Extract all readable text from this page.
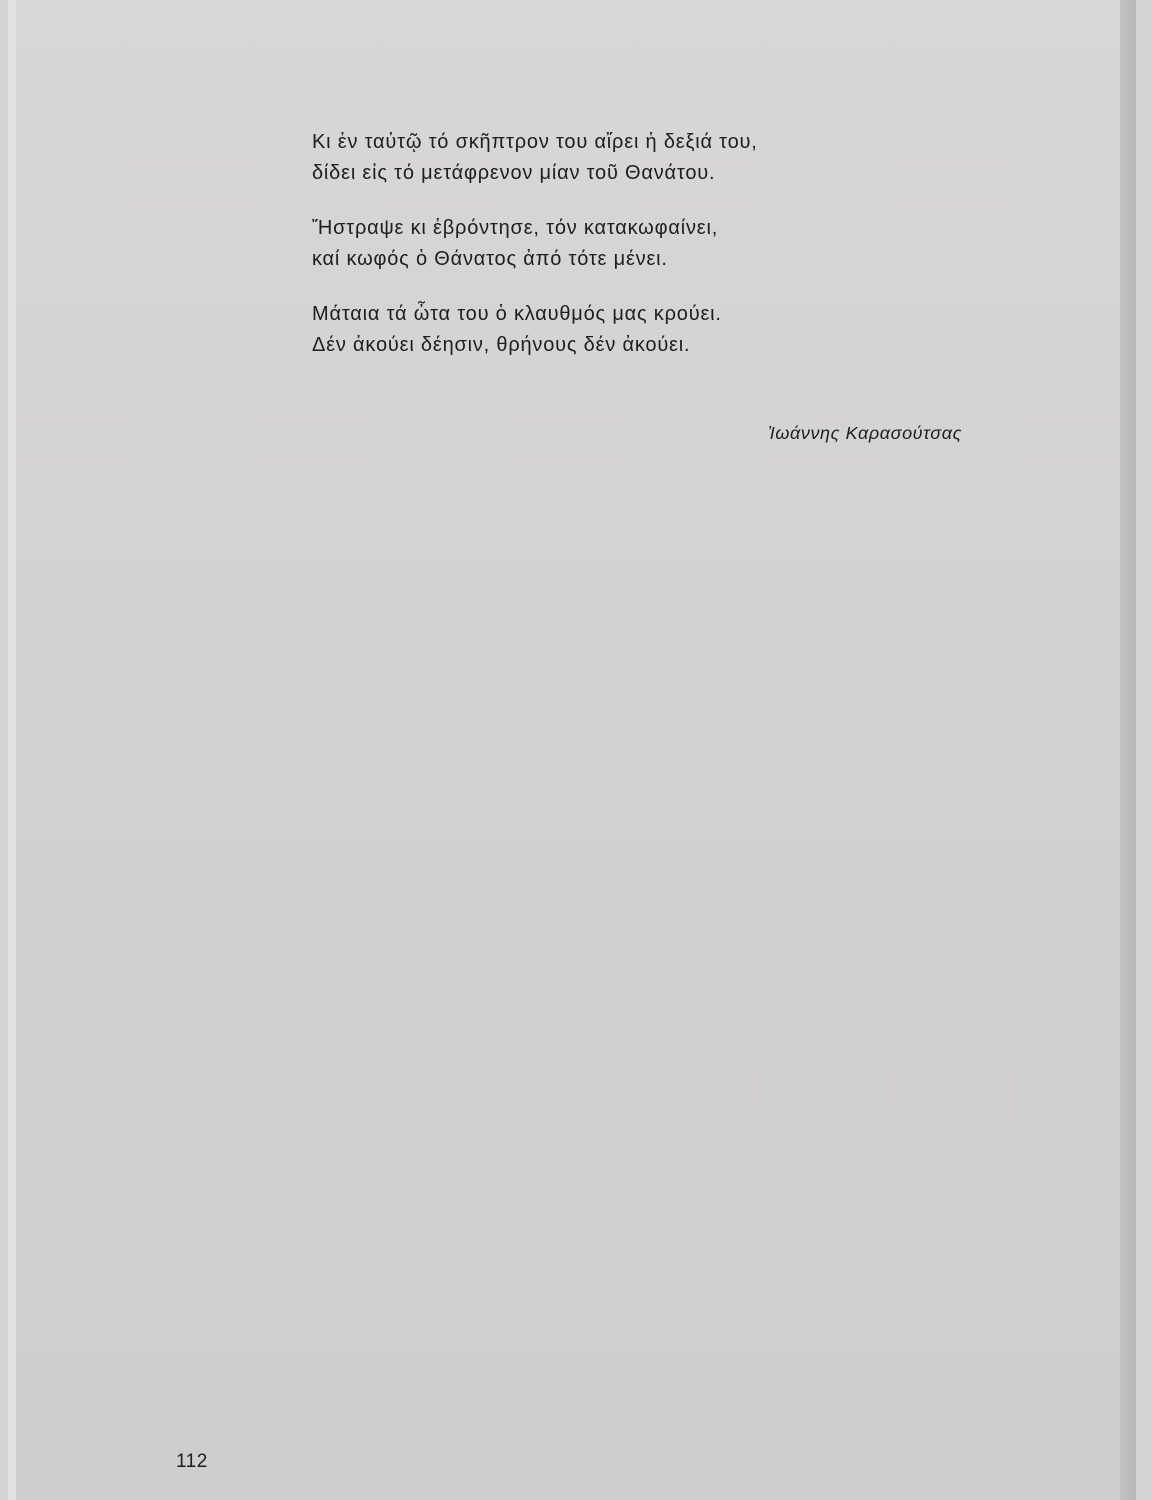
Κι ἐν ταὐτῷ τό σκῆπτρον του αἴρει ἡ δεξιά του,
δίδει εἰς τό μετάφρενον μίαν τοῦ Θανάτου.
Ἤστραψε κι ἐβρόντησε, τόν κατακωφαίνει,
καί κωφός ὁ Θάνατος ἀπό τότε μένει.
Μάταια τά ὦτα του ὁ κλαυθμός μας κρούει.
Δέν ἀκούει δέησιν, θρήνους δέν ἀκούει.
Ἰωάννης Καρασούτσας
112
